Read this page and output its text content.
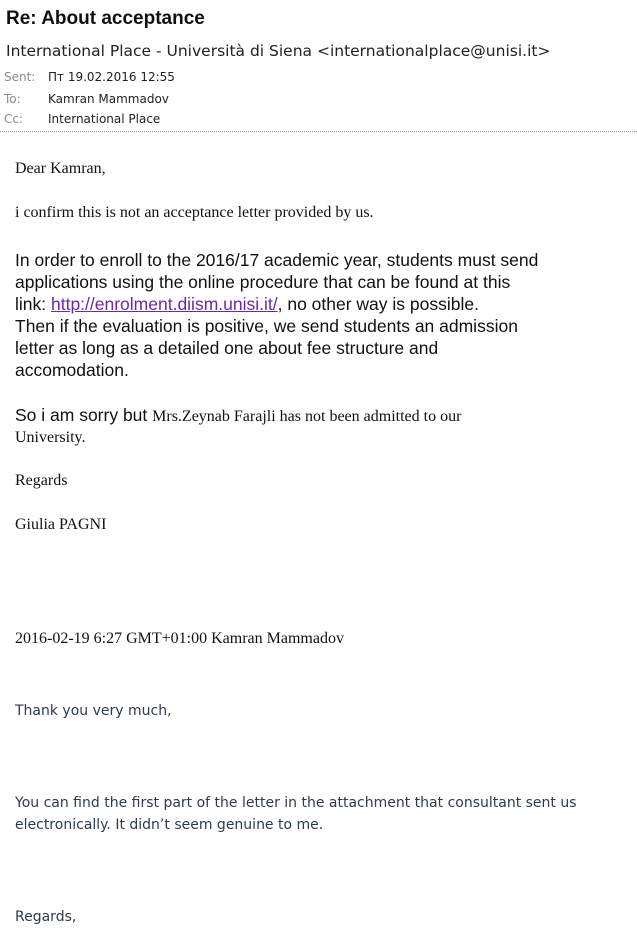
Re: About acceptance
International Place - Università di Siena <internationalplace@unisi.it>
Sent: Пт 19.02.2016 12:55
To: Kamran Mammadov
Cc: International Place
Dear Kamran,
i confirm this is not an acceptance letter provided by us.
In order to enroll to the 2016/17 academic year, students must send
applications using the online procedure that can be found at this
link: http://enrolment.diism.unisi.it/, no other way is possible.
Then if the evaluation is positive, we send students an admission
letter as long as a detailed one about fee structure and
accomodation.
So i am sorry but Mrs.Zeynab Farajli has not been admitted to our
University.
Regards
Giulia PAGNI
2016-02-19 6:27 GMT+01:00 Kamran Mammadov
Thank you very much,
You can find the first part of the letter in the attachment that consultant sent us
electronically. It didn’t seem genuine to me.
Regards,
